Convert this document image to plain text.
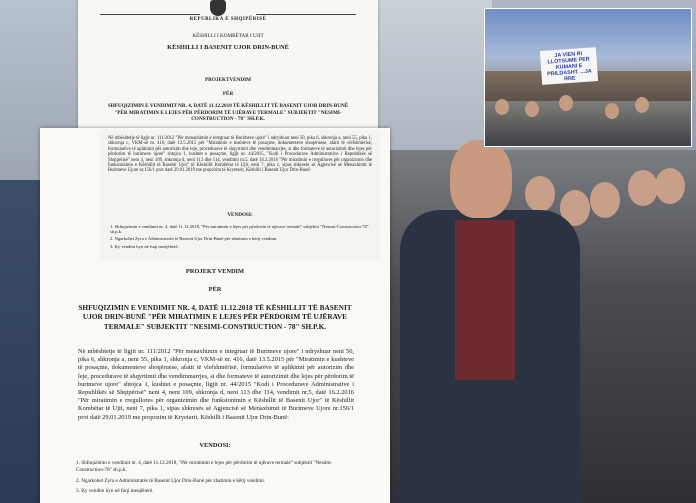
JA VIEN RI LLOTSUME PER KUMANI E PRILDASHT. ...JA RRE
REPUBLIKA E SHQIPËRISË
KËSHILLI I KOMBËTAR I UJIT
KËSHILLI I BASENIT UJOR DRIN-BUNË
PROJEKTVENDIM
PËR
SHFUQIZIMIN E VENDIMIT NR. 4, DATË 11.12.2018 TË KËSHILLIT TË BASENIT UJOR DRIN-BUNË "PËR MIRATIMIN E LEJES PËR PËRDORIM TË UJËRAVE TERMALE" SUBJEKTIT "NESIMI-CONSTRUCTION - 78" SH.P.K.
PROJEKT VENDIM
PËR
SHFUQIZIMIN E VENDIMIT NR. 4, DATË 11.12.2018 TË KËSHILLIT TË BASENIT UJOR DRIN-BUNË "PËR MIRATIMIN E LEJES PËR PËRDORIM TË UJËRAVE TERMALE" SUBJEKTIT "NESIMI-CONSTRUCTION - 78" SH.P.K.
Në mbështetje të ligjit nr. 111/2012 "Për menaxhimin e integruar të Burimeve ujore" i ndryshuar neni 50, pika 6, shkronja a, neni 55, pika 1, shkronja c, VKM-së nr. 416, datë 13.5.2015 për "Miratimin e kushteve të posaçme, dokumenteve shoqëruese, afatit të vlefshmërisë, formularëve të aplikimit për autorizim dhe leje, procedurave të shqyrtimit dhe vendimmarrjes, si dhe formateve të autorizimit dhe lejes për përdorim të burimeve ujore" shtojca 1, kushtet e posaçme, ligjit nr. 44/2015 "Kodi i Procedurave Administrative i Republikës së Shqipërisë" neni 4, neni 109, shkronja d, neni 113 dhe 114, vendimit nr.5, datë 16.2.2016 "Për miratimin e rregullores për organizimin dhe funksionimin e Këshillit të Basenit Ujor" të Këshillit Kombëtar të Ujit, neni 7, pika 1, sipas shkresës së Agjencisë së Menaxhimit të Burimeve Ujore nr.156/1 prot datë 29.01.2019 me propozim të Kryetarit, Këshilli i Basenit Ujor Drin-Bunë:
VENDOSI:
1. Shfuqizimin e vendimit nr. 4, datë 11.12.2018, "Për miratimin e lejes për përdorim të ujërave termale" subjektit "Nesimi-Construction-78" sh.p.k.
2. Ngarkohet Zyra e Administratës të Basenit Ujor Drin-Bunë për zbatimin e këtij vendimi.
3. Ky vendim hyn në fuqi menjëherë.
Në mbështetje të ligjit nr. 111/2012 "Për menaxhimin e integruar të Burimeve ujore" i ndryshuar neni 50, pika 6, shkronja a, neni 55, pika 1, shkronja c, VKM-së nr. 416, datë 13.5.2015 për "Miratimin e kushteve të posaçme, dokumenteve shoqëruese, afatit të vlefshmërisë, formularëve të aplikimit për autorizim dhe leje, procedurave të shqyrtimit dhe vendimmarrjes, si dhe formateve të autorizimit dhe lejes për përdorim të burimeve ujore" shtojca 1, kushtet e posaçme, ligjit nr. 44/2015, "Kodi i Procedurave Administrative i Republikës së Shqipërisë" neni 4, neni 109, shkronja d, neni 113 dhe 114, vendimit nr.5, datë 16.2.2016 "Për miratimin e rregullores për organizimin dhe funksionimin e Këshillit të Basenit Ujor" të Këshillit Kombëtar të Ujit, neni 7, pika 1, sipas shkresës së Agjencisë së Menaxhimit të Burimeve Ujore nr.156/1 prot datë 29.01.2019 me propozim të Kryetarit, Këshilli i Basenit Ujor Drin-Bunë:
VENDOSI:
1. Shfuqizimin e vendimit nr. 4, datë 11.12.2018, "Për miratimin e lejes për përdorim të ujërave termale" subjektit "Nesimi-Construction-78" sh.p.k.
2. Ngarkohet Zyra e Administratës të Basenit Ujor Drin-Bunë për zbatimin e këtij vendimi.
3. Ky vendim hyn në fuqi menjëherë.
